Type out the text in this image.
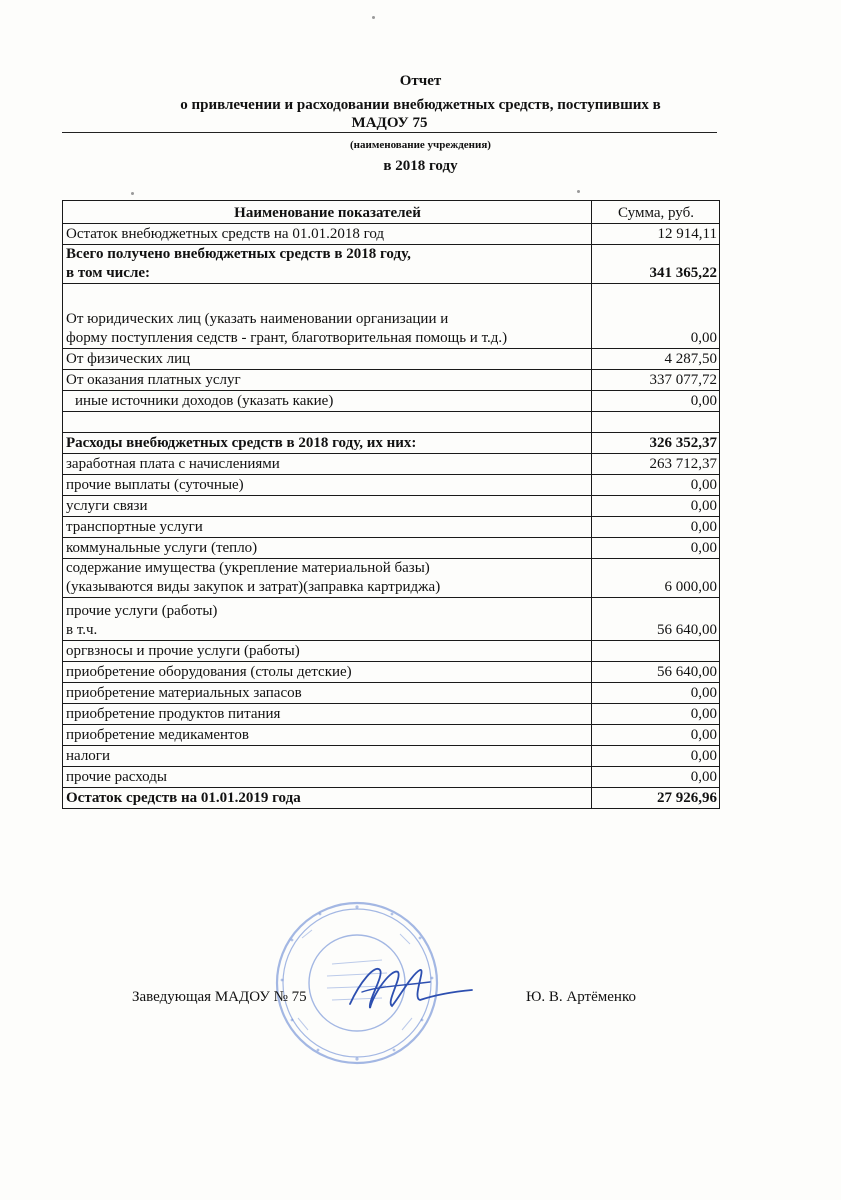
Отчет
о привлечении и расходовании внебюджетных средств, поступивших в
МАДОУ 75
(наименование учреждения)
в 2018 году
Наименование показателей	Сумма, руб.
Остаток внебюджетных средств на 01.01.2018 год	12 914,11
Всего получено внебюджетных средств в 2018 году,
в том числе:	341 365,22
От юридических лиц (указать наименовании организации и
форму поступления седств - грант, благотворительная помощь и т.д.)	0,00
От физических лиц	4 287,50
От оказания платных услуг	337 077,72
иные источники доходов (указать какие)	0,00

Расходы внебюджетных средств в 2018 году, их них:	326 352,37
заработная плата с начислениями	263 712,37
прочие выплаты (суточные)	0,00
услуги связи	0,00
транспортные услуги	0,00
коммунальные услуги (тепло)	0,00
содержание имущества (укрепление материальной базы)
(указываются виды закупок и затрат)(заправка картриджа)	6 000,00
прочие услуги (работы)
в т.ч.	56 640,00
оргвзносы и прочие услуги (работы)	
приобретение оборудования (столы детские)	56 640,00
приобретение материальных запасов	0,00
приобретение продуктов питания	0,00
приобретение медикаментов	0,00
налоги	0,00
прочие расходы	0,00
Остаток средств на 01.01.2019 года	27 926,96
Заведующая МАДОУ № 75	Ю. В. Артёменко
